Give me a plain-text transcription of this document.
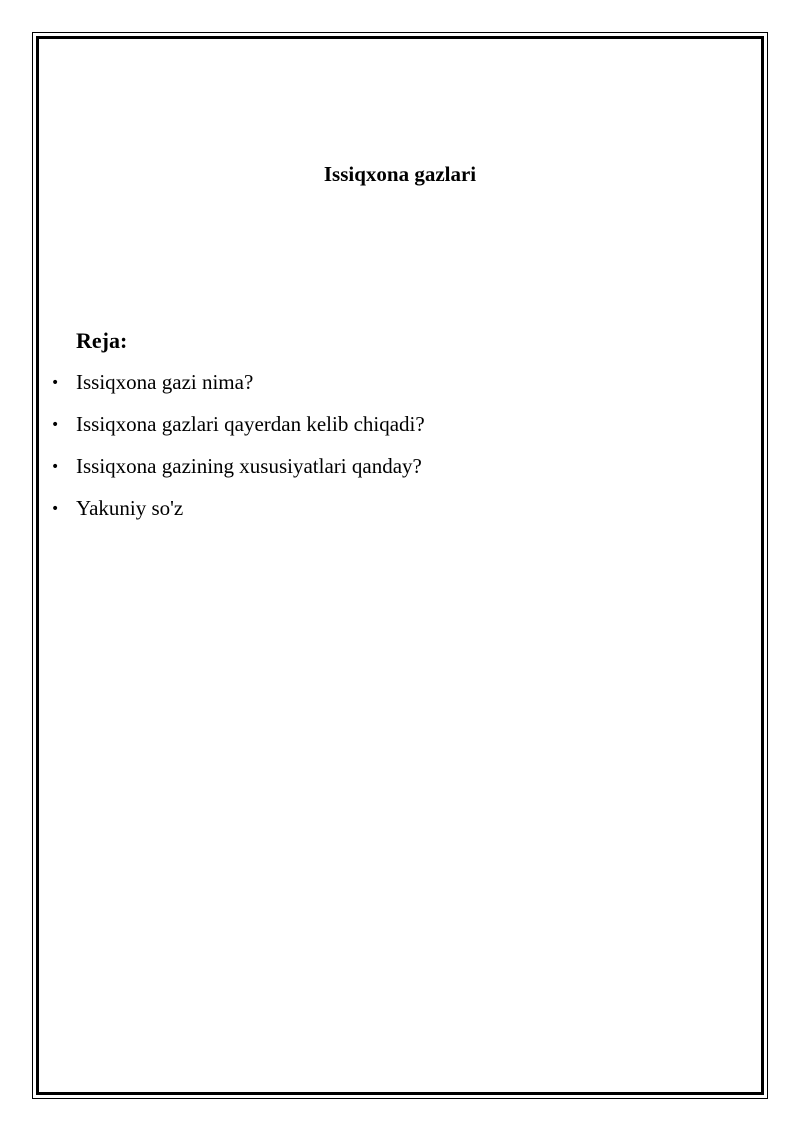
Issiqxona gazlari
Reja:
• Issiqxona gazi nima?
• Issiqxona gazlari qayerdan kelib chiqadi?
• Issiqxona gazining xususiyatlari qanday?
• Yakuniy so'z
